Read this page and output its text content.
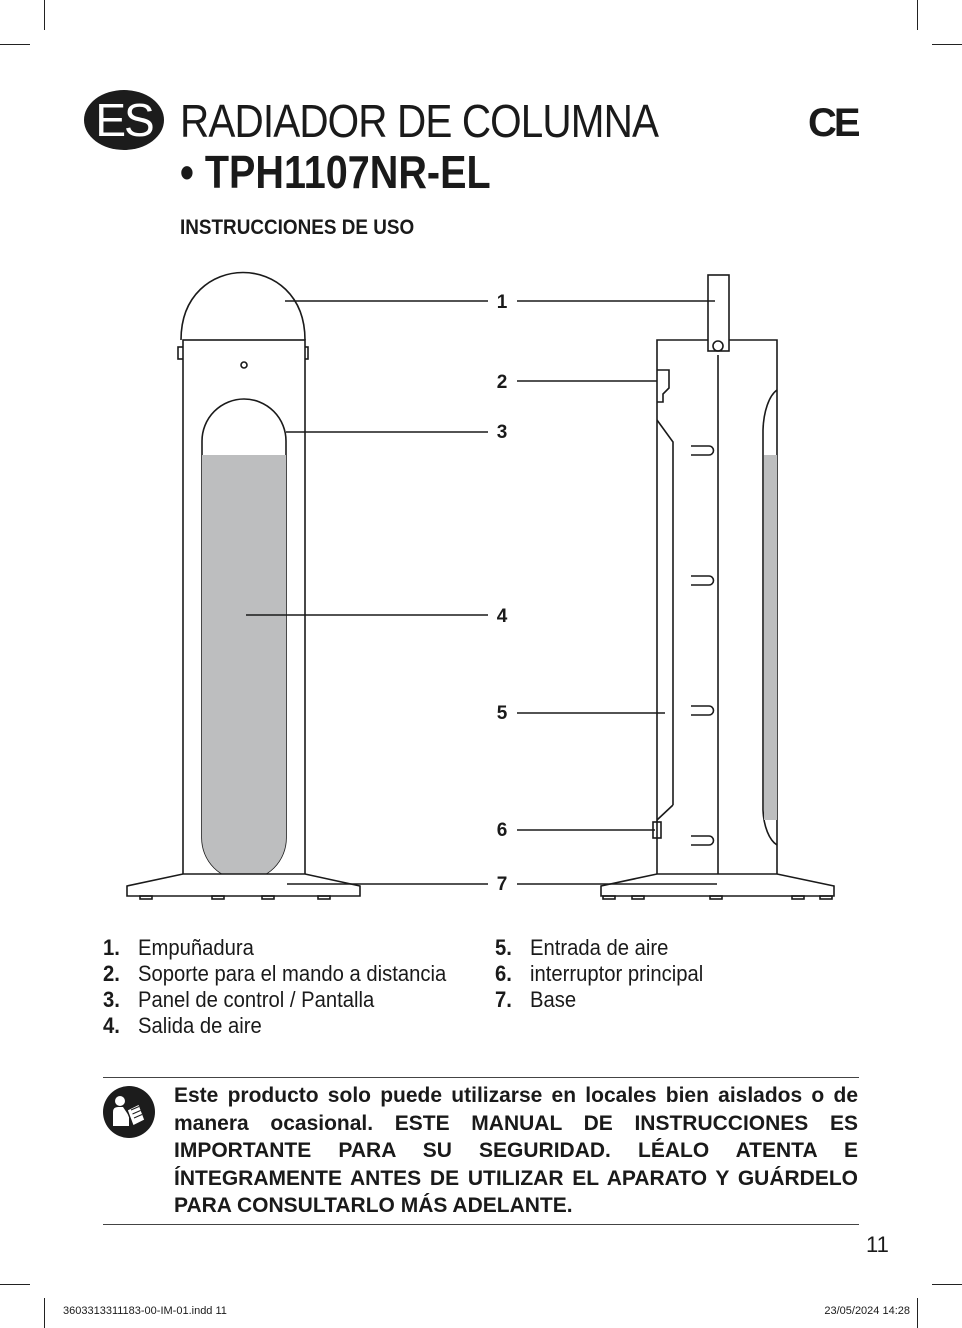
ES RADIADOR DE COLUMNA
• TPH1107NR-EL
CE
INSTRUCCIONES DE USO
1
2
3
4
5
6
7
1. Empuñadura
2. Soporte para el mando a distancia
3. Panel de control / Pantalla
4. Salida de aire
5. Entrada de aire
6. interruptor principal
7. Base

Este producto solo puede utilizarse en locales bien aislados o de manera ocasional. ESTE MANUAL DE INSTRUCCIONES ES IMPORTANTE PARA SU SEGURIDAD. LÉALO ATENTA E ÍNTEGRAMENTE ANTES DE UTILIZAR EL APARATO Y GUÁRDELO PARA CONSULTARLO MÁS ADELANTE.

11
3603313311183-00-IM-01.indd 11	23/05/2024 14:28
